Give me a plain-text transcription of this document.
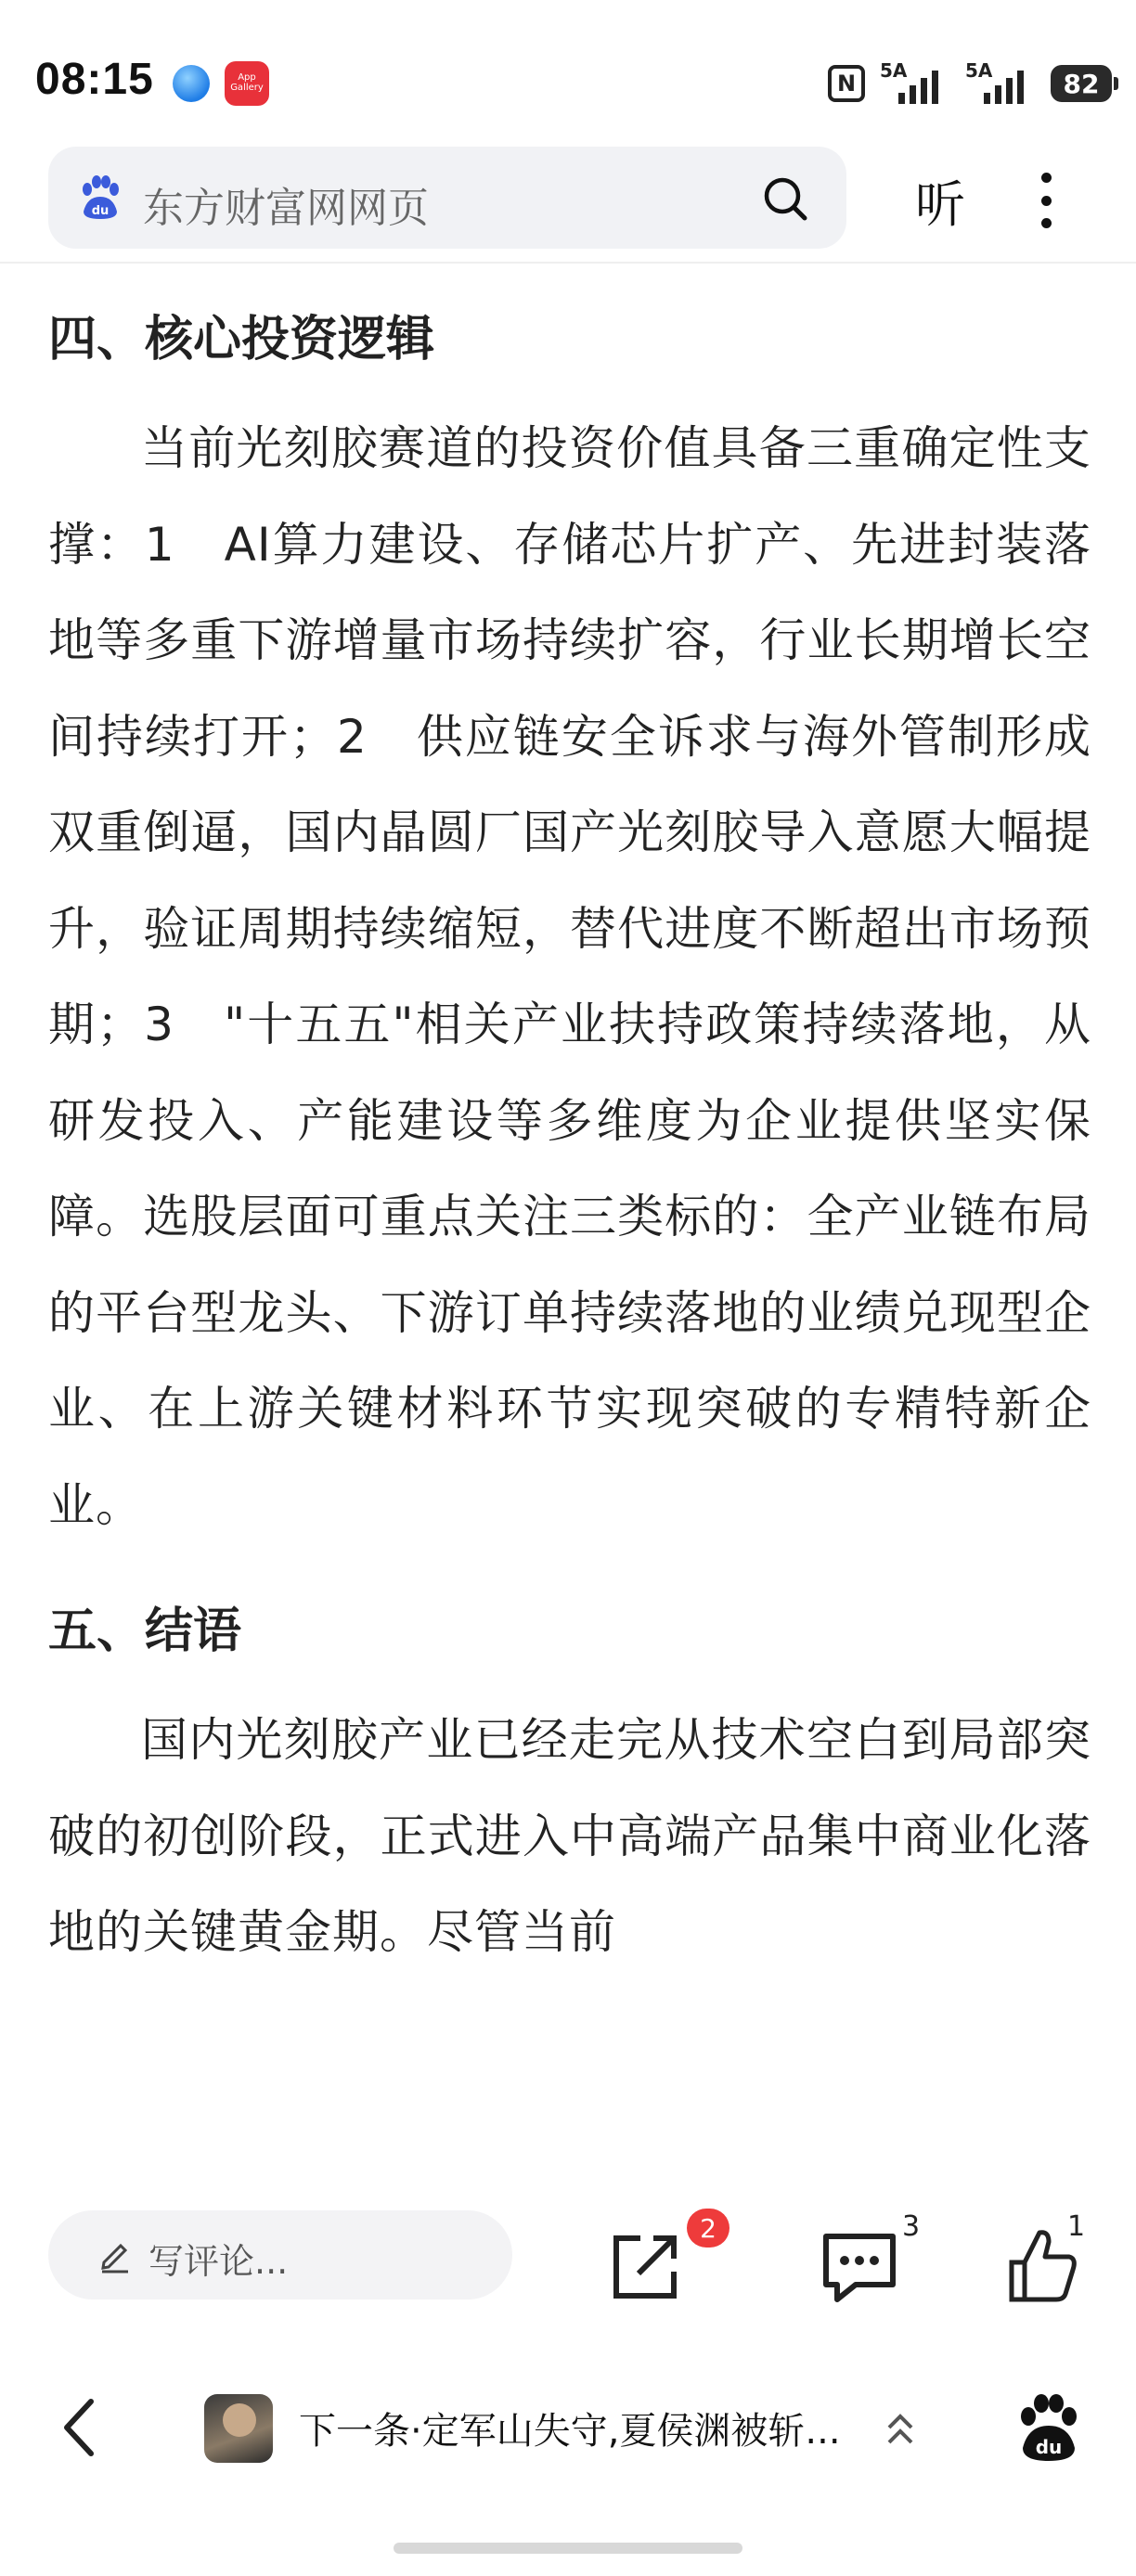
08:15	App Gallery	N	5A	5A	82
du 东方财富网网页	听
四、核心投资逻辑

当前光刻胶赛道的投资价值具备三重确定性支撑：1　AI算力建设、存储芯片扩产、先进封装落地等多重下游增量市场持续扩容，行业长期增长空间持续打开；2　供应链安全诉求与海外管制形成双重倒逼，国内晶圆厂国产光刻胶导入意愿大幅提升，验证周期持续缩短，替代进度不断超出市场预期；3　"十五五"相关产业扶持政策持续落地，从研发投入、产能建设等多维度为企业提供坚实保障。选股层面可重点关注三类标的：全产业链布局的平台型龙头、下游订单持续落地的业绩兑现型企业、在上游关键材料环节实现突破的专精特新企业。

五、结语

国内光刻胶产业已经走完从技术空白到局部突破的初创阶段，正式进入中高端产品集中商业化落地的关键黄金期。尽管当前

写评论...
2	3	1
下一条·定军山失守,夏侯渊被斩...	du
